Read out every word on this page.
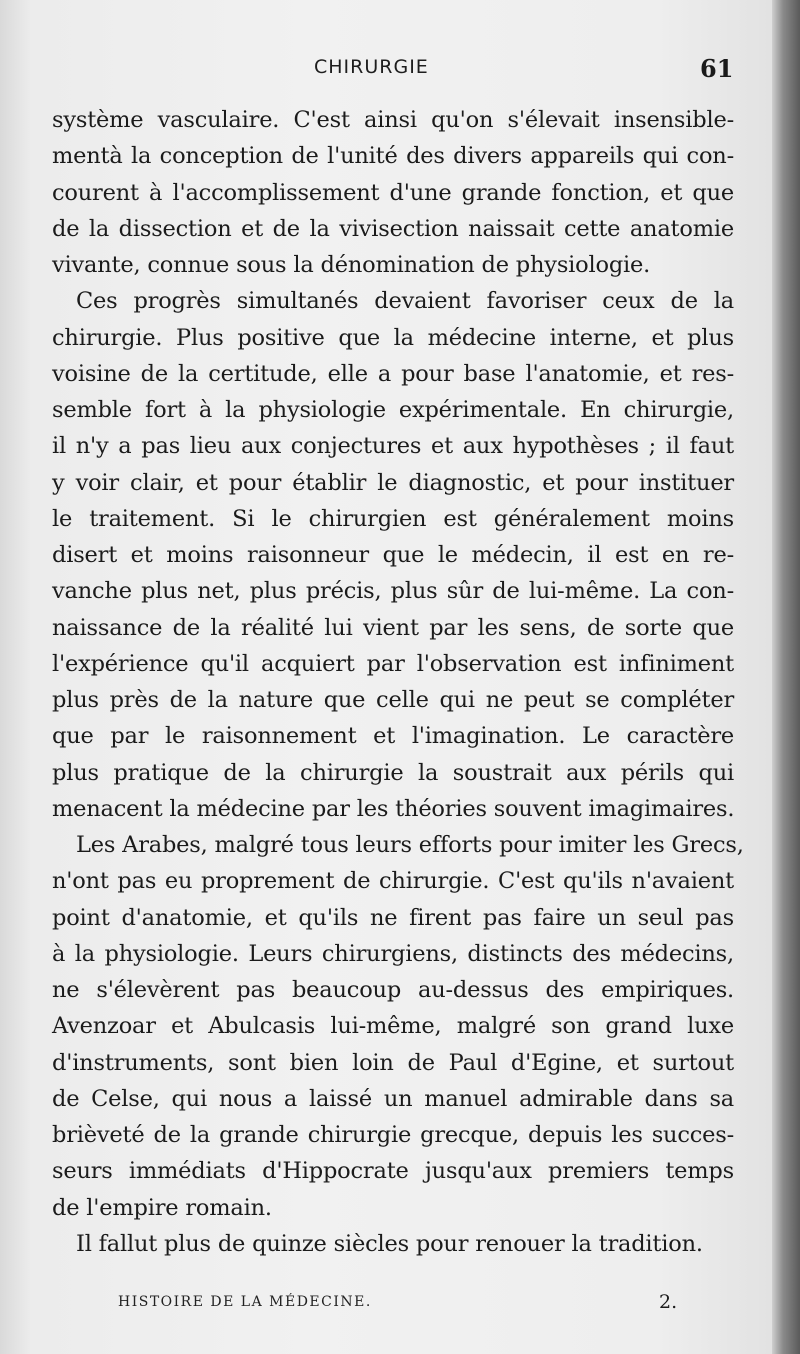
CHIRURGIE	61
système vasculaire. C'est ainsi qu'on s'élevait insensible-
mentà la conception de l'unité des divers appareils qui con-
courent à l'accomplissement d'une grande fonction, et que
de la dissection et de la vivisection naissait cette anatomie
vivante, connue sous la dénomination de physiologie.
Ces progrès simultanés devaient favoriser ceux de la
chirurgie. Plus positive que la médecine interne, et plus
voisine de la certitude, elle a pour base l'anatomie, et res-
semble fort à la physiologie expérimentale. En chirurgie,
il n'y a pas lieu aux conjectures et aux hypothèses ; il faut
y voir clair, et pour établir le diagnostic, et pour instituer
le traitement. Si le chirurgien est généralement moins
disert et moins raisonneur que le médecin, il est en re-
vanche plus net, plus précis, plus sûr de lui-même. La con-
naissance de la réalité lui vient par les sens, de sorte que
l'expérience qu'il acquiert par l'observation est infiniment
plus près de la nature que celle qui ne peut se compléter
que par le raisonnement et l'imagination. Le caractère
plus pratique de la chirurgie la soustrait aux périls qui
menacent la médecine par les théories souvent imagimaires.
Les Arabes, malgré tous leurs efforts pour imiter les Grecs,
n'ont pas eu proprement de chirurgie. C'est qu'ils n'avaient
point d'anatomie, et qu'ils ne firent pas faire un seul pas
à la physiologie. Leurs chirurgiens, distincts des médecins,
ne s'élevèrent pas beaucoup au-dessus des empiriques.
Avenzoar et Abulcasis lui-même, malgré son grand luxe
d'instruments, sont bien loin de Paul d'Egine, et surtout
de Celse, qui nous a laissé un manuel admirable dans sa
brièveté de la grande chirurgie grecque, depuis les succes-
seurs immédiats d'Hippocrate jusqu'aux premiers temps
de l'empire romain.
Il fallut plus de quinze siècles pour renouer la tradition.
HISTOIRE DE LA MÉDECINE.	2.
